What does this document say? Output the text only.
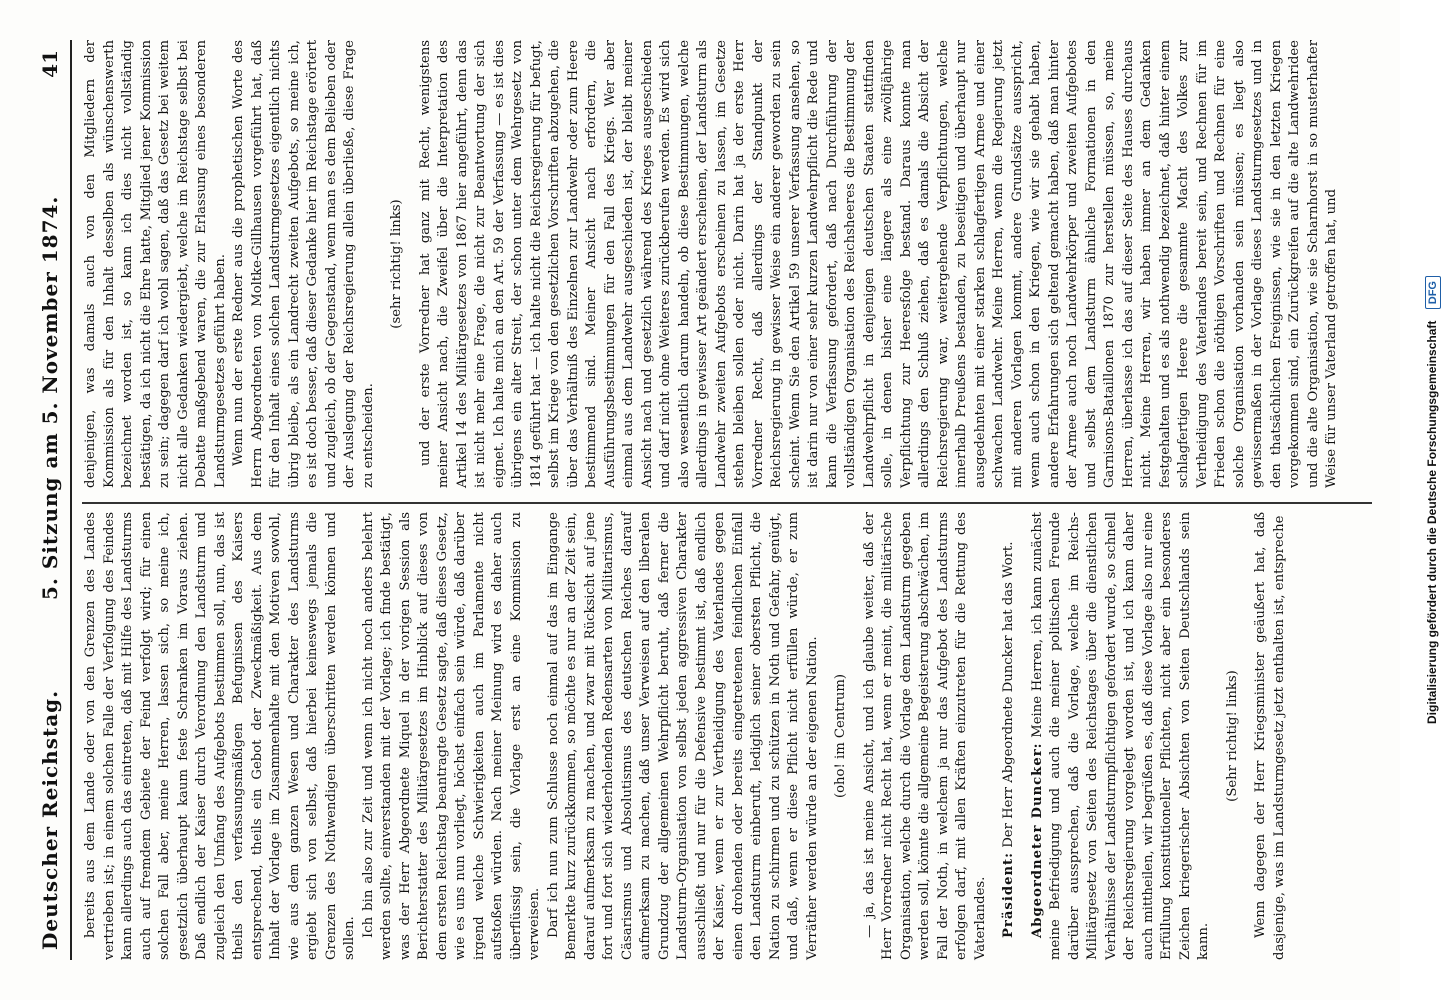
Deutscher Reichstag.
5. Sitzung am 5. November 1874.
41

bereits aus dem Lande oder von den Grenzen des Landes vertrieben ist; in einem solchen Falle der Verfolgung des Feindes kann allerdings auch das eintreten, daß mit Hilfe des Landsturms auch auf fremdem Gebiete der Feind verfolgt wird; für einen solchen Fall aber, meine Herren, lassen sich, so meine ich, gesetzlich überhaupt kaum feste Schranken im Voraus ziehen. Daß endlich der Kaiser durch Verordnung den Landsturm und zugleich den Umfang des Aufgebots bestimmen soll, nun, das ist theils den verfassungsmäßigen Befugnissen des Kaisers entsprechend, theils ein Gebot der Zweckmäßigkeit. Aus dem Inhalt der Vorlage im Zusammenhalte mit den Motiven sowohl, wie aus dem ganzen Wesen und Charakter des Landsturms ergiebt sich von selbst, daß hierbei keineswegs jemals die Grenzen des Nothwendigen überschritten werden können und sollen.

Ich bin also zur Zeit und wenn ich nicht noch anders belehrt werden sollte, einverstanden mit der Vorlage; ich finde bestätigt, was der Herr Abgeordnete Miquel in der vorigen Session als Berichterstatter des Militärgesetzes im Hinblick auf dieses von dem ersten Reichstag beantragte Gesetz sagte, daß dieses Gesetz, wie es uns nun vorliegt, höchst einfach sein würde, daß darüber irgend welche Schwierigkeiten auch im Parlamente nicht aufstoßen würden. Nach meiner Meinung wird es daher auch überflüssig sein, die Vorlage erst an eine Kommission zu verweisen. Darf ich nun zum Schlusse noch einmal auf das im Eingange Bemerkte kurz zurückkommen, so möchte es nur an der Zeit sein, darauf aufmerksam zu machen, und zwar mit Rücksicht auf jene fort und fort sich wiederholenden Redensarten von Militarismus, Cäsarismus und Absolutismus des deutschen Reiches darauf aufmerksam zu machen, daß unser Verweisen auf den liberalen Grundzug der allgemeinen Wehrpflicht beruht, daß ferner die Landsturm-Organisation von selbst jeden aggressiven Charakter ausschließt und nur für die Defensive bestimmt ist, daß endlich der Kaiser, wenn er zur Vertheidigung des Vaterlandes gegen einen drohenden oder bereits eingetretenen feindlichen Einfall den Landsturm einberuft, lediglich seiner obersten Pflicht, die Nation zu schirmen und zu schützen in Noth und Gefahr, genügt, und daß, wenn er diese Pflicht nicht erfüllen würde, er zum Verräther werden würde an der eigenen Nation. (oho! im Centrum) — ja, das ist meine Ansicht, und ich glaube weiter, daß der Herr Vorredner nicht Recht hat, wenn er meint, die militärische Organisation, welche durch die Vorlage dem Landsturm gegeben werden soll, könnte die allgemeine Begeisterung abschwächen, im Fall der Noth, in welchem ja nur das Aufgebot des Landsturms erfolgen darf, mit allen Kräften einzutreten für die Rettung des Vaterlandes. Präsident: Der Herr Abgeordnete Duncker hat das Wort. Abgeordneter Duncker: Meine Herren, ich kann zunächst meine Befriedigung und auch die meiner politischen Freunde darüber aussprechen, daß die Vorlage, welche im Reichs-Militärgesetz von Seiten des Reichstages über die dienstlichen Verhältnisse der Landsturmpflichtigen gefordert wurde, so schnell der Reichsregierung vorgelegt worden ist, und ich kann daher auch mittheilen, wir begrüßen es, daß diese Vorlage also nur eine Erfüllung konstitutioneller Pflichten, nicht aber ein besonderes Zeichen kriegerischer Absichten von Seiten Deutschlands sein kann.

(Sehr richtig! links) Wenn dagegen der Herr Kriegsminister geäußert hat, daß dasjenige, was im Landsturmgesetz jetzt enthalten ist, entspreche

denjenigen, was damals auch von den Mitgliedern der Kommission als für den Inhalt desselben als wünschenswerth bezeichnet worden ist, so kann ich dies nicht vollständig bestätigen, da ich nicht die Ehre hatte, Mitglied jener Kommission zu sein; dagegen darf ich wohl sagen, daß das Gesetz bei weitem nicht alle Gedanken wiedergiebt, welche im Reichstage selbst bei Debatte maßgebend waren, die zur Erlassung eines besonderen Landsturmgesetzes geführt haben. Wenn nun der erste Redner aus die prophetischen Worte des Herrn Abgeordneten von Moltke-Gillhausen vorgeführt hat, daß für den Inhalt eines solchen Landsturmgesetzes eigentlich nichts übrig bleibe, als ein Landrecht zweiten Aufgebots, so meine ich, es ist doch besser, daß dieser Gedanke hier im Reichstage erörtert und zugleich, ob der Gegenstand, wenn man es dem Belieben oder der Auslegung der Reichsregierung allein überließe, diese Frage zu entscheiden.

(sehr richtig! links) und der erste Vorredner hat ganz mit Recht, wenigstens meiner Ansicht nach, die Zweifel über die Interpretation des Artikel 14 des Militärgesetzes von 1867 hier angeführt, denn das ist nicht mehr eine Frage, die nicht zur Beantwortung der sich eignet. Ich halte mich an den Art. 59 der Verfassung — es ist dies übrigens ein alter Streit, der schon unter dem Wehrgesetz von 1814 geführt hat — ich halte nicht die Reichsregierung für befugt, selbst im Kriege von den gesetzlichen Vorschriften abzugehen, die über das Verhältniß des Einzelnen zur Landwehr oder zum Heere bestimmend sind. Meiner Ansicht nach erfordern, die Ausführungsbestimmungen für den Fall des Kriegs. Wer aber einmal aus dem Landwehr ausgeschieden ist, der bleibt meiner Ansicht nach und gesetzlich während des Krieges ausgeschieden und darf nicht ohne Weiteres zurückberufen werden. Es wird sich also wesentlich darum handeln, ob diese Bestimmungen, welche allerdings in gewisser Art geändert erscheinen, der Landsturm als Landwehr zweiten Aufgebots erscheinen zu lassen, im Gesetze stehen bleiben sollen oder nicht. Darin hat ja der erste Herr Vorredner Recht, daß allerdings der Standpunkt der Reichsregierung in gewisser Weise ein anderer geworden zu sein scheint. Wenn Sie den Artikel 59 unserer Verfassung ansehen, so ist darin nur von einer sehr kurzen Landwehrpflicht die Rede und kann die Verfassung gefordert, daß nach Durchführung der vollständigen Organisation des Reichsheeres die Bestimmung der Landwehrpflicht in denjenigen deutschen Staaten stattfinden solle, in denen bisher eine längere als eine zwölfjährige Verpflichtung zur Heeresfolge bestand. Daraus konnte man allerdings den Schluß ziehen, daß es damals die Absicht der Reichsregierung war, weitergehende Verpflichtungen, welche innerhalb Preußens bestanden, zu beseitigen und überhaupt nur ausgedehnten mit einer starken schlagfertigen Armee und einer schwachen Landwehr. Meine Herren, wenn die Regierung jetzt mit anderen Vorlagen kommt, andere Grundsätze ausspricht, wenn auch schon in den Kriegen, wie wir sie gehabt haben, andere Erfahrungen sich geltend gemacht haben, daß man hinter der Armee auch noch Landwehrkörper und zweiten Aufgebotes und selbst dem Landsturm ähnliche Formationen in den Garnisons-Bataillonen 1870 zur herstellen müssen, so, meine Herren, überlasse ich das auf dieser Seite des Hauses durchaus nicht. Meine Herren, wir haben immer an dem Gedanken festgehalten und es als nothwendig bezeichnet, daß hinter einem schlagfertigen Heere die gesammte Macht des Volkes zur Vertheidigung des Vaterlandes bereit sein, und Rechnen für im Frieden schon die nöthigen Vorschriften und Rechnen für eine solche Organisation vorhanden sein müssen; es liegt also gewissermaßen in der Vorlage dieses Landsturmgesetzes und in den thatsächlichen Ereignissen, wie sie in den letzten Kriegen vorgekommen sind, ein Zurückgreifen auf die alte Landwehridee und die alte Organisation, wie sie Scharnhorst in so musterhafter Weise für unser Vaterland getroffen hat, und	Digitalisierung gefördert durch die Deutsche Forschungsgemeinschaft DFG
